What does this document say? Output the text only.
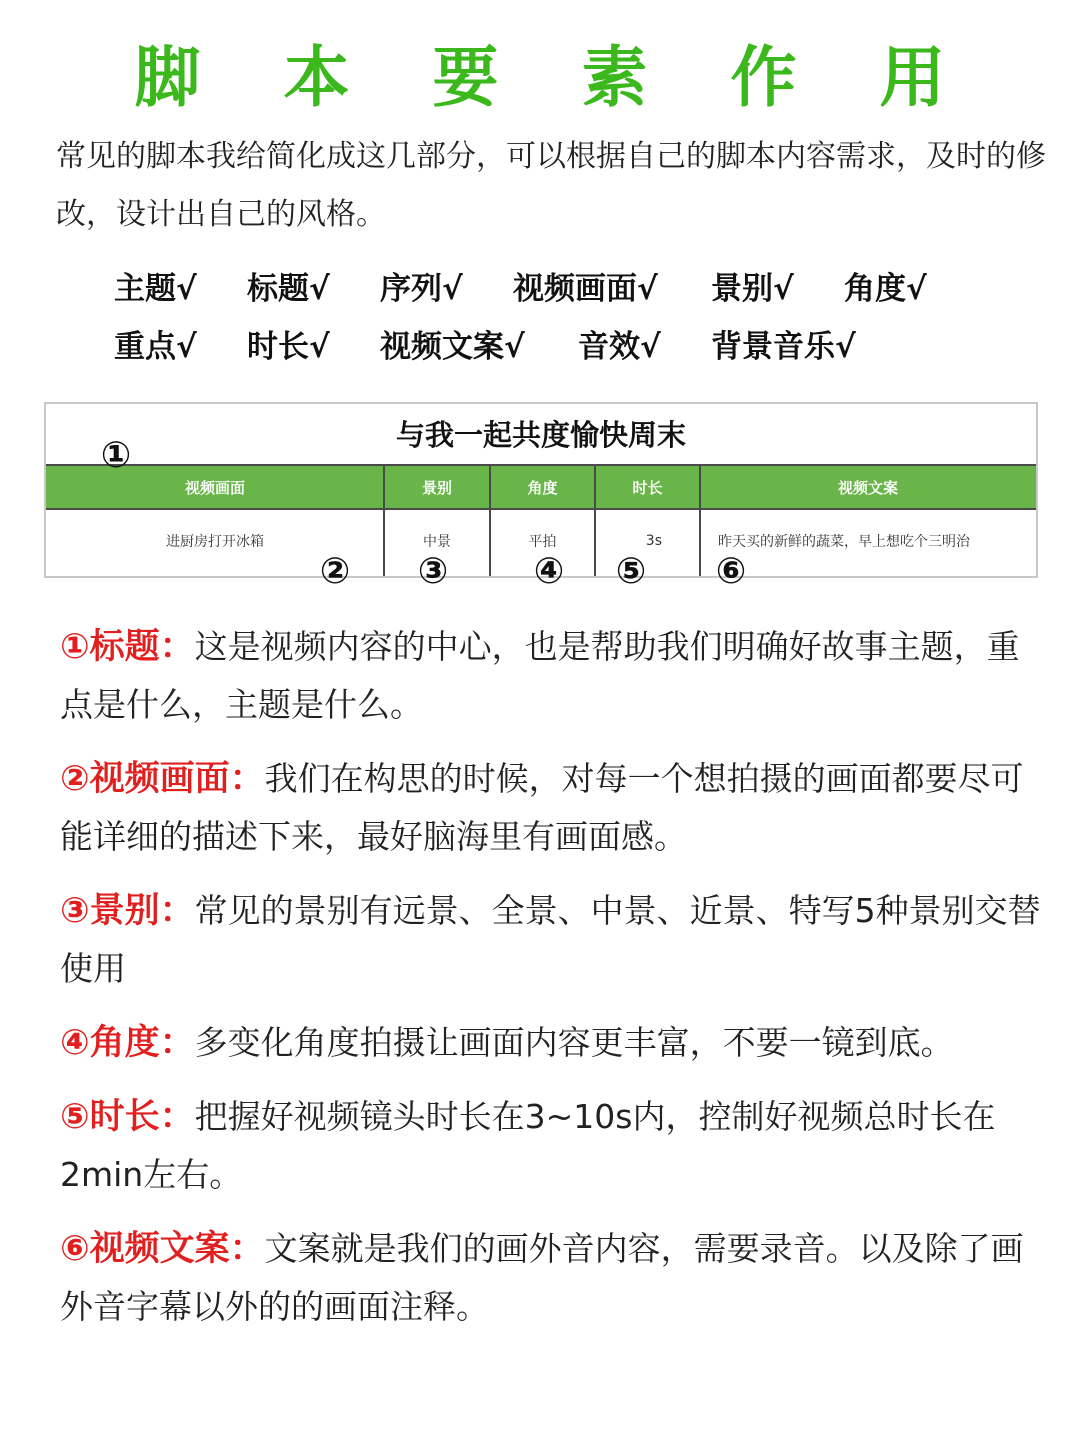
脚 本 要 素 作 用
常见的脚本我给简化成这几部分，可以根据自己的脚本内容需求，及时的修改，设计出自己的风格。
主题√	标题√	序列√	视频画面√	景别√	角度√
重点√	时长√	视频文案√	音效√	背景音乐√
与我一起共度愉快周末
视频画面	景别	角度	时长	视频文案
进厨房打开冰箱	中景	平拍	3s	昨天买的新鲜的蔬菜，早上想吃个三明治
①
② ③ ④ ⑤ ⑥
①标题：这是视频内容的中心，也是帮助我们明确好故事主题，重点是什么，主题是什么。
②视频画面：我们在构思的时候，对每一个想拍摄的画面都要尽可能详细的描述下来，最好脑海里有画面感。
③景别：常见的景别有远景、全景、中景、近景、特写5种景别交替使用
④角度：多变化角度拍摄让画面内容更丰富，不要一镜到底。
⑤时长：把握好视频镜头时长在3~10s内，控制好视频总时长在2min左右。
⑥视频文案：文案就是我们的画外音内容，需要录音。以及除了画外音字幕以外的的画面注释。
